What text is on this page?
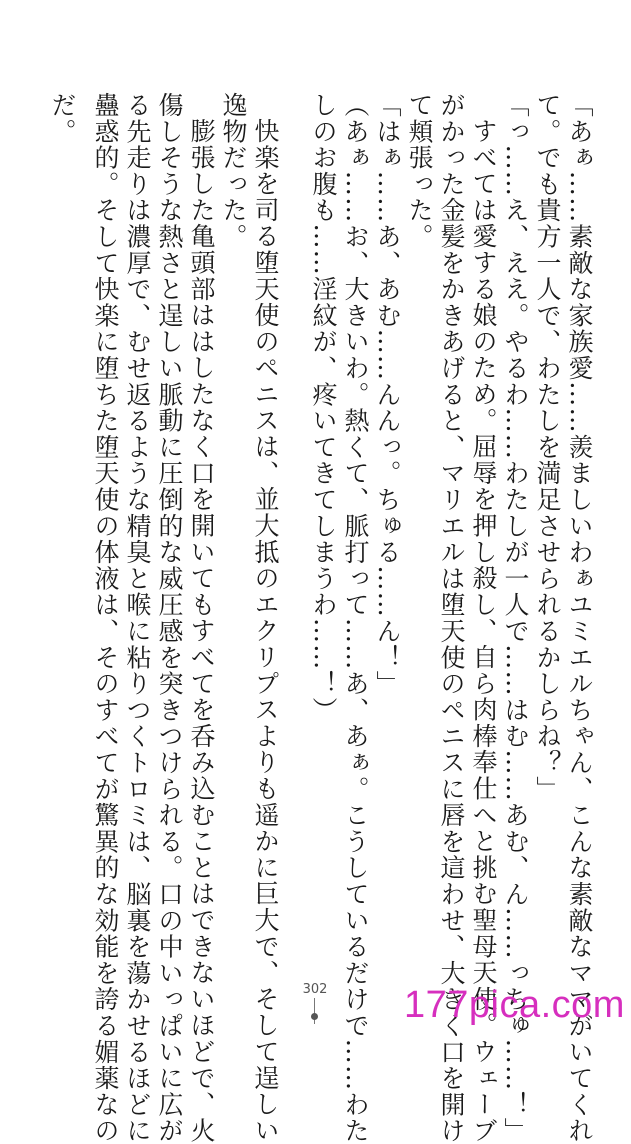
「あぁ……素敵な家族愛……羨ましいわぁユミエルちゃん、こんな素敵なママがいてくれ
て。でも貴方一人で、わたしを満足させられるかしらね？」
「っ……え、ええ。やるわ……わたしが一人で……はむ……あむ、ん……っちゅ……！」
すべては愛する娘のため。屈辱を押し殺し、自ら肉棒奉仕へと挑む聖母天使。ウェーブ
がかった金髪をかきあげると、マリエルは堕天使のペニスに唇を這わせ、大きく口を開け
て頬張った。
「はぁ……あ、あむ……んんっ。ちゅる……ん！」
（あぁ……お、大きいわ。熱くて、脈打って……あ、あぁ。こうしているだけで……わた
しのお腹も……淫紋が、疼いてきてしまうわ……！）
快楽を司る堕天使のペニスは、並大抵のエクリプスよりも遥かに巨大で、そして逞しい
逸物だった。
膨張した亀頭部ははしたなく口を開いてもすべてを呑み込むことはできないほどで、火
傷しそうな熱さと逞しい脈動に圧倒的な威圧感を突きつけられる。口の中いっぱいに広が
る先走りは濃厚で、むせ返るような精臭と喉に粘りつくトロミは、脳裏を蕩かせるほどに
蠱惑的。そして快楽に堕ちた堕天使の体液は、そのすべてが驚異的な効能を誇る媚薬なの
だ。
302 177pica.com
